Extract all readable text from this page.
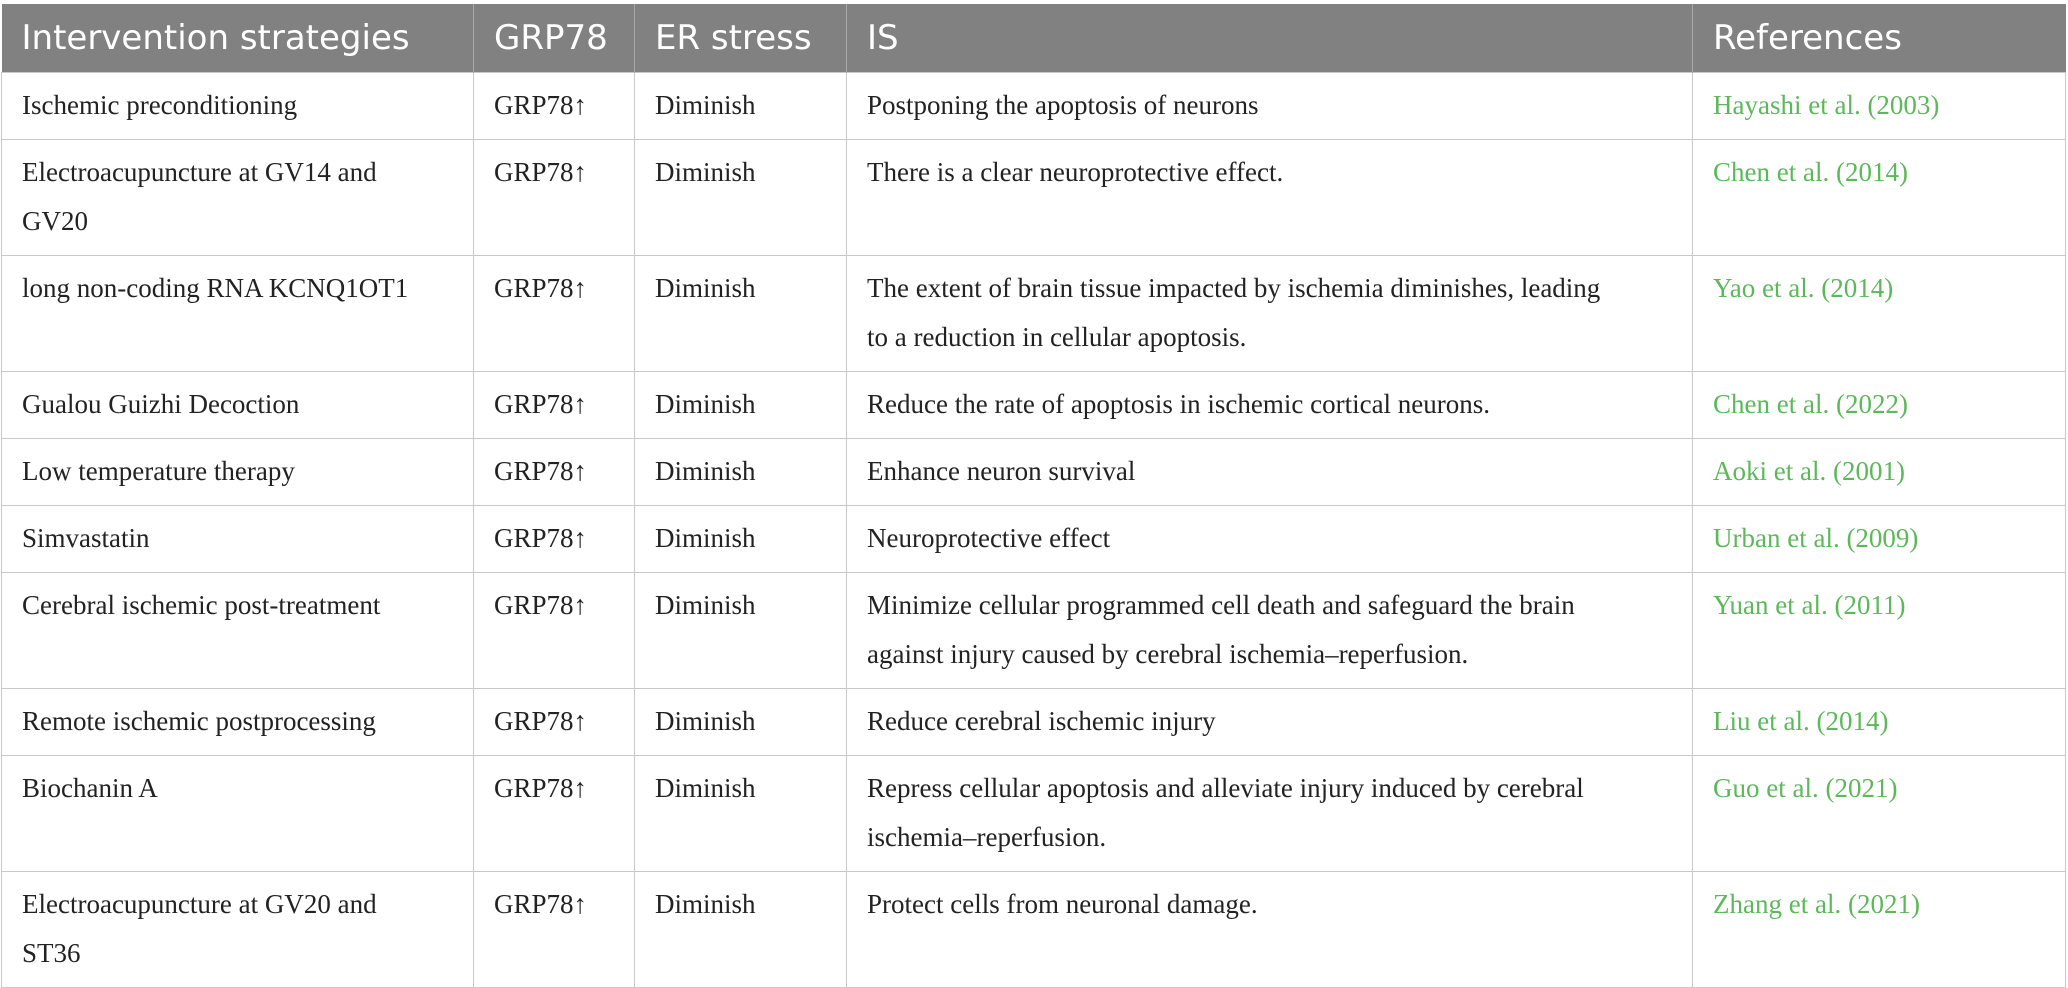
Intervention strategies	GRP78	ER stress	IS	References

Ischemic preconditioning	GRP78↑	Diminish	Postponing the apoptosis of neurons	Hayashi et al. (2003)

Electroacupuncture at GV14 and
GV20	GRP78↑	Diminish	There is a clear neuroprotective effect.	Chen et al. (2014)

long non-coding RNA KCNQ1OT1	GRP78↑	Diminish	The extent of brain tissue impacted by ischemia diminishes, leading
to a reduction in cellular apoptosis.	Yao et al. (2014)

Gualou Guizhi Decoction	GRP78↑	Diminish	Reduce the rate of apoptosis in ischemic cortical neurons.	Chen et al. (2022)

Low temperature therapy	GRP78↑	Diminish	Enhance neuron survival	Aoki et al. (2001)

Simvastatin	GRP78↑	Diminish	Neuroprotective effect	Urban et al. (2009)

Cerebral ischemic post-treatment	GRP78↑	Diminish	Minimize cellular programmed cell death and safeguard the brain
against injury caused by cerebral ischemia–reperfusion.	Yuan et al. (2011)

Remote ischemic postprocessing	GRP78↑	Diminish	Reduce cerebral ischemic injury	Liu et al. (2014)

Biochanin A	GRP78↑	Diminish	Repress cellular apoptosis and alleviate injury induced by cerebral
ischemia–reperfusion.	Guo et al. (2021)

Electroacupuncture at GV20 and
ST36	GRP78↑	Diminish	Protect cells from neuronal damage.	Zhang et al. (2021)
